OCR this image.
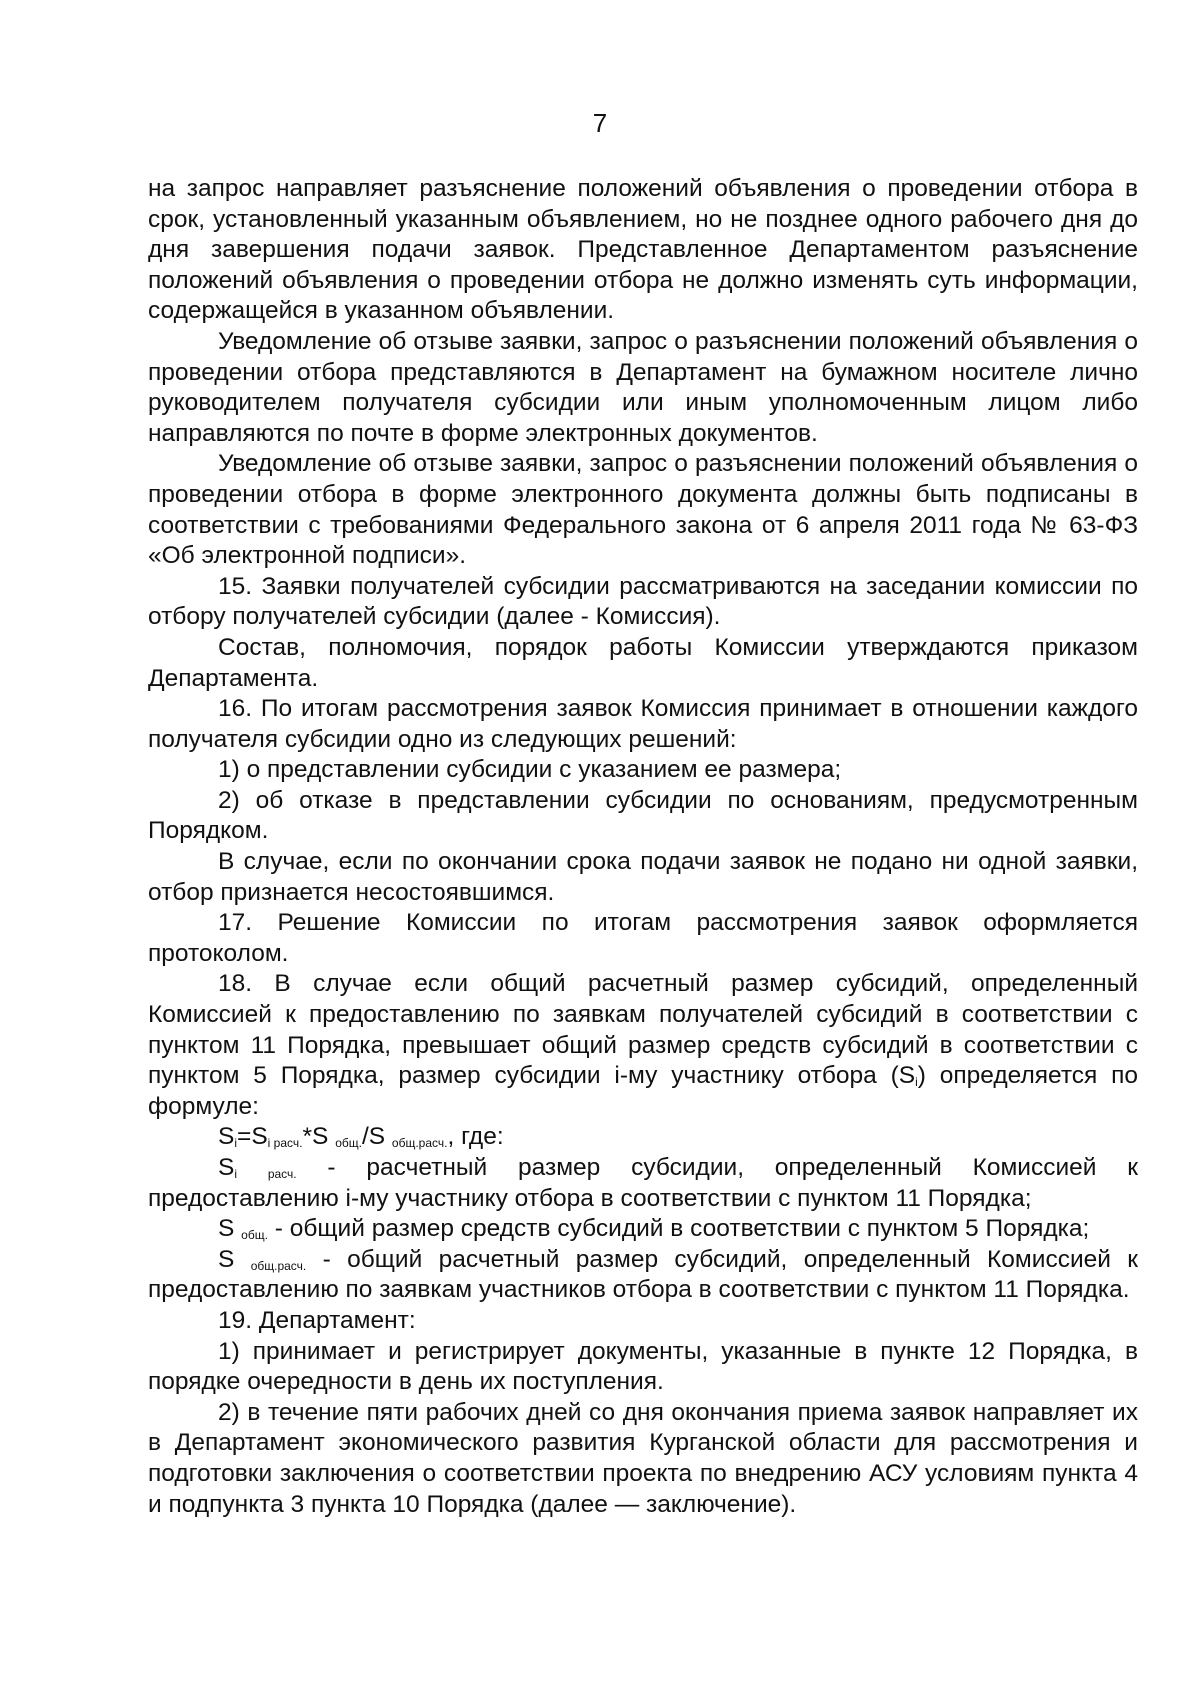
7

на запрос направляет разъяснение положений объявления о проведении отбора в срок, установленный указанным объявлением, но не позднее одного рабочего дня до дня завершения подачи заявок. Представленное Департаментом разъяснение положений объявления о проведении отбора не должно изменять суть информации, содержащейся в указанном объявлении.

Уведомление об отзыве заявки, запрос о разъяснении положений объявления о проведении отбора представляются в Департамент на бумажном носителе лично руководителем получателя субсидии или иным уполномоченным лицом либо направляются по почте в форме электронных документов.

Уведомление об отзыве заявки, запрос о разъяснении положений объявления о проведении отбора в форме электронного документа должны быть подписаны в соответствии с требованиями Федерального закона от 6 апреля 2011 года № 63-ФЗ «Об электронной подписи».

15. Заявки получателей субсидии рассматриваются на заседании комиссии по отбору получателей субсидии (далее - Комиссия).

Состав, полномочия, порядок работы Комиссии утверждаются приказом Департамента.

16. По итогам рассмотрения заявок Комиссия принимает в отношении каждого получателя субсидии одно из следующих решений:

1) о представлении субсидии с указанием ее размера;

2) об отказе в представлении субсидии по основаниям, предусмотренным Порядком.

В случае, если по окончании срока подачи заявок не подано ни одной заявки, отбор признается несостоявшимся.

17. Решение Комиссии по итогам рассмотрения заявок оформляется протоколом.

18. В случае если общий расчетный размер субсидий, определенный Комиссией к предоставлению по заявкам получателей субсидий в соответствии с пунктом 11 Порядка, превышает общий размер средств субсидий в соответствии с пунктом 5 Порядка, размер субсидии i-му участнику отбора $(S_i)$ определяется по формуле:

$S_i=S_{i расч.}*S$ $_{общ.}$/S $_{общ.расч.}$, где:

$S_i$	$_{расч.}$ - расчетный размер субсидии, определенный Комиссией к предоставлению i-му участнику отбора в соответствии с пунктом 11 Порядка;

S $_{общ.}$ - общий размер средств субсидий в соответствии с пунктом 5 Порядка;

S $_{общ.расч.}$ - общий расчетный размер субсидий, определенный Комиссией к предоставлению по заявкам участников отбора в соответствии с пунктом 11 Порядка.

19. Департамент:

1) принимает и регистрирует документы, указанные в пункте 12 Порядка, в порядке очередности в день их поступления.

2) в течение пяти рабочих дней со дня окончания приема заявок направляет их в Департамент экономического развития Курганской области для рассмотрения и подготовки заключения о соответствии проекта по внедрению АСУ условиям пункта 4 и подпункта 3 пункта 10 Порядка (далее — заключение).
